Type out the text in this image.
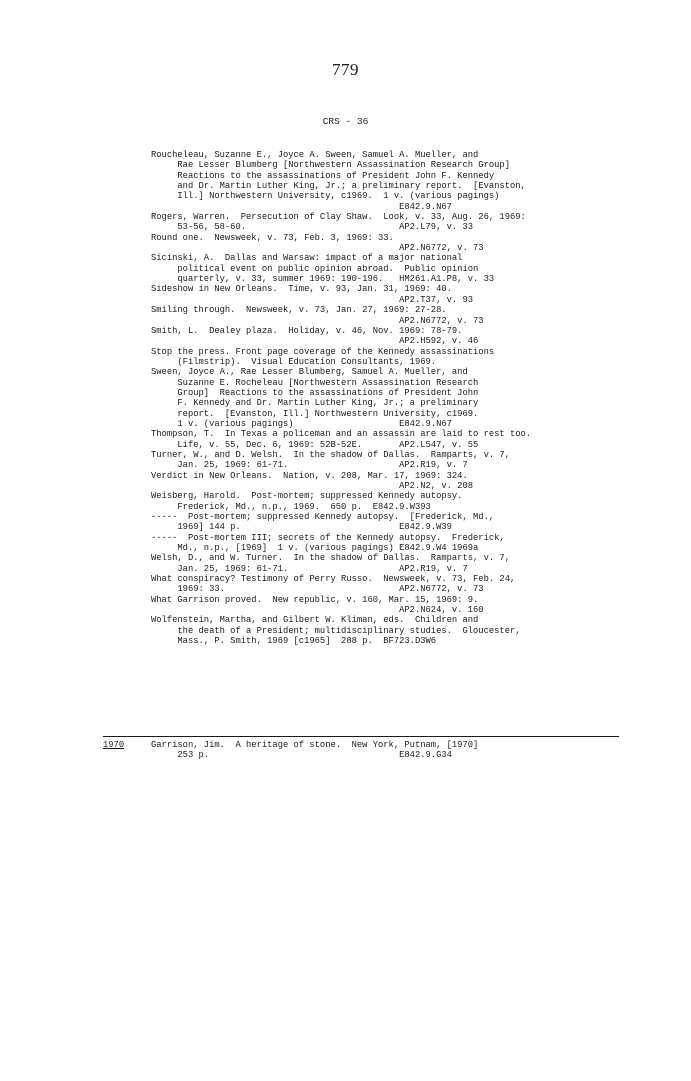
779
CRS - 36
Roucheleau, Suzanne E., Joyce A. Sween, Samuel A. Mueller, and
Rae Lesser Blumberg [Northwestern Assassination Research Group]
Reactions to the assassinations of President John F. Kennedy
and Dr. Martin Luther King, Jr.; a preliminary report.  [Evanston,
Ill.] Northwestern University, c1969.  1 v. (various pagings)
E842.9.N67
Rogers, Warren.  Persecution of Clay Shaw.  Look, v. 33, Aug. 26, 1969:
53-56, 58-60.                             AP2.L79, v. 33
Round one.  Newsweek, v. 73, Feb. 3, 1969: 33.
AP2.N6772, v. 73
Sicinski, A.  Dallas and Warsaw: impact of a major national
political event on public opinion abroad.  Public opinion
quarterly, v. 33, summer 1969: 190-196.   HM261.A1.P8, v. 33
Sideshow in New Orleans.  Time, v. 93, Jan. 31, 1969: 40.
AP2.T37, v. 93
Smiling through.  Newsweek, v. 73, Jan. 27, 1969: 27-28.
AP2.N6772, v. 73
Smith, L.  Dealey plaza.  Holiday, v. 46, Nov. 1969: 78-79.
AP2.H592, v. 46
Stop the press. Front page coverage of the Kennedy assassinations
(Filmstrip).  Visual Education Consultants, 1969.
Sween, Joyce A., Rae Lesser Blumberg, Samuel A. Mueller, and
Suzanne E. Rocheleau [Northwestern Assassination Research
Group]  Reactions to the assassinations of President John
F. Kennedy and Dr. Martin Luther King, Jr.; a preliminary
report.  [Evanston, Ill.] Northwestern University, c1969.
1 v. (various pagings)                    E842.9.N67
Thompson, T.  In Texas a policeman and an assassin are laid to rest too.
Life, v. 55, Dec. 6, 1969: 52B-52E.       AP2.L547, v. 55
Turner, W., and D. Welsh.  In the shadow of Dallas.  Ramparts, v. 7,
Jan. 25, 1969: 61-71.                     AP2.R19, v. 7
Verdict in New Orleans.  Nation, v. 208, Mar. 17, 1969: 324.
AP2.N2, v. 208
Weisberg, Harold.  Post-mortem; suppressed Kennedy autopsy.
Frederick, Md., n.p., 1969.  650 p.  E842.9.W393
-----  Post-mortem; suppressed Kennedy autopsy.  [Frederick, Md.,
1969] 144 p.                              E842.9.W39
-----  Post-mortem III; secrets of the Kennedy autopsy.  Frederick,
Md., n.p., [1969]  1 v. (various pagings) E842.9.W4 1969a
Welsh, D., and W. Turner.  In the shadow of Dallas.  Ramparts, v. 7,
Jan. 25, 1969: 61-71.                     AP2.R19, v. 7
What conspiracy? Testimony of Perry Russo.  Newsweek, v. 73, Feb. 24,
1969: 33.                                 AP2.N6772, v. 73
What Garrison proved.  New republic, v. 160, Mar. 15, 1969: 9.
AP2.N624, v. 160
Wolfenstein, Martha, and Gilbert W. Kliman, eds.  Children and
the death of a President; multidisciplinary studies.  Gloucester,
Mass., P. Smith, 1969 [c1965]  288 p.  BF723.D3W6
1970	Garrison, Jim.  A heritage of stone.  New York, Putnam, [1970]
253 p.                                    E842.9.G34
